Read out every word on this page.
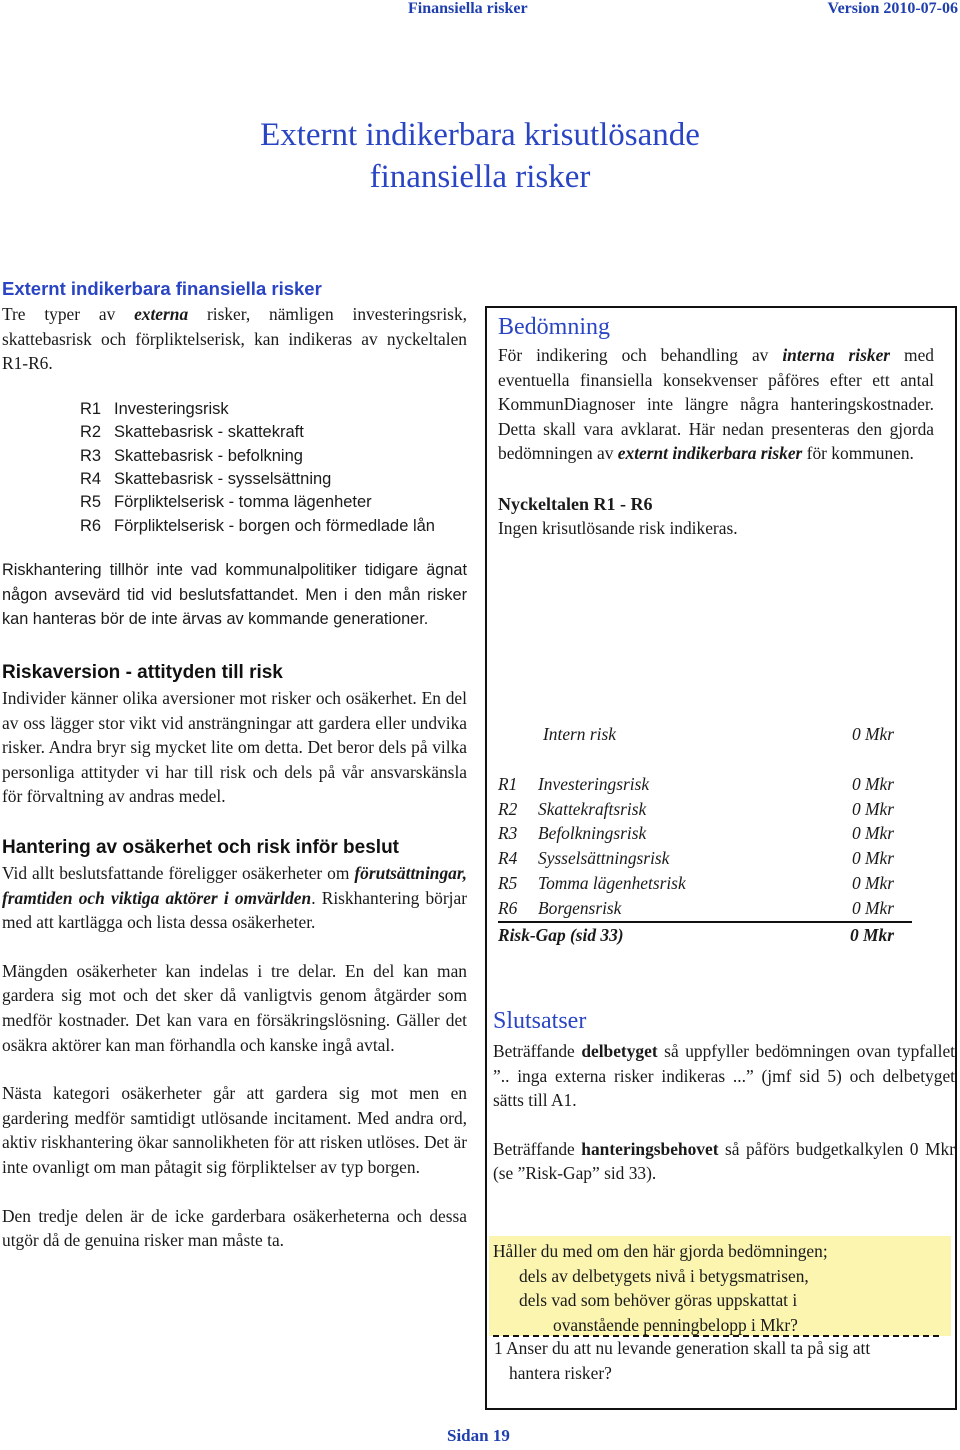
Finansiella risker	Version 2010-07-06
Externt indikerbara krisutlösande
finansiella risker
Externt indikerbara finansiella risker
Tre typer av externa risker, nämligen investeringsrisk, skattebasrisk och förpliktelserisk, kan indikeras av nyckeltalen R1-R6.
R1 Investeringsrisk
R2 Skattebasrisk - skattekraft
R3 Skattebasrisk - befolkning
R4 Skattebasrisk - sysselsättning
R5 Förpliktelserisk - tomma lägenheter
R6 Förpliktelserisk - borgen och förmedlade lån
Riskhantering tillhör inte vad kommunalpolitiker tidigare ägnat någon avsevärd tid vid beslutsfattandet. Men i den mån risker kan hanteras bör de inte ärvas av kommande generationer.
Riskaversion - attityden till risk
Individer känner olika aversioner mot risker och osäkerhet. En del av oss lägger stor vikt vid ansträngningar att gardera eller undvika risker. Andra bryr sig mycket lite om detta. Det beror dels på vilka personliga attityder vi har till risk och dels på vår ansvarskänsla för förvaltning av andras medel.
Hantering av osäkerhet och risk inför beslut
Vid allt beslutsfattande föreligger osäkerheter om förutsättningar, framtiden och viktiga aktörer i omvärlden. Riskhantering börjar med att kartlägga och lista dessa osäkerheter.
Mängden osäkerheter kan indelas i tre delar. En del kan man gardera sig mot och det sker då vanligtvis genom åtgärder som medför kostnader. Det kan vara en försäkringslösning. Gäller det osäkra aktörer kan man förhandla och kanske ingå avtal.
Nästa kategori osäkerheter går att gardera sig mot men en gardering medför samtidigt utlösande incitament. Med andra ord, aktiv riskhantering ökar sannolikheten för att risken utlöses. Det är inte ovanligt om man påtagit sig förpliktelser av typ borgen.
Den tredje delen är de icke garderbara osäkerheterna och dessa utgör då de genuina risker man måste ta.
Bedömning
För indikering och behandling av interna risker med eventuella finansiella konsekvenser påföres efter ett antal KommunDiagnoser inte längre några hanteringskostnader. Detta skall vara avklarat. Här nedan presenteras den gjorda bedömningen av externt indikerbara risker för kommunen.
Nyckeltalen R1 - R6
Ingen krisutlösande risk indikeras.
Intern risk	0 Mkr
R1 Investeringsrisk	0 Mkr
R2 Skattekraftsrisk	0 Mkr
R3 Befolkningsrisk	0 Mkr
R4 Sysselsättningsrisk	0 Mkr
R5 Tomma lägenhetsrisk	0 Mkr
R6 Borgensrisk	0 Mkr
Risk-Gap (sid 33)	0 Mkr
Slutsatser
Beträffande delbetyget så uppfyller bedömningen ovan typfallet ”.. inga externa risker indikeras ...” (jmf sid 5) och delbetyget sätts till A1.
Beträffande hanteringsbehovet så påförs budgetkalkylen 0 Mkr (se ”Risk-Gap” sid 33).
Håller du med om den här gjorda bedömningen;
dels av delbetygets nivå i betygsmatrisen,
dels vad som behöver göras uppskattat i
ovanstående penningbelopp i Mkr?
1 Anser du att nu levande generation skall ta på sig att
hantera risker?
Sidan 19
